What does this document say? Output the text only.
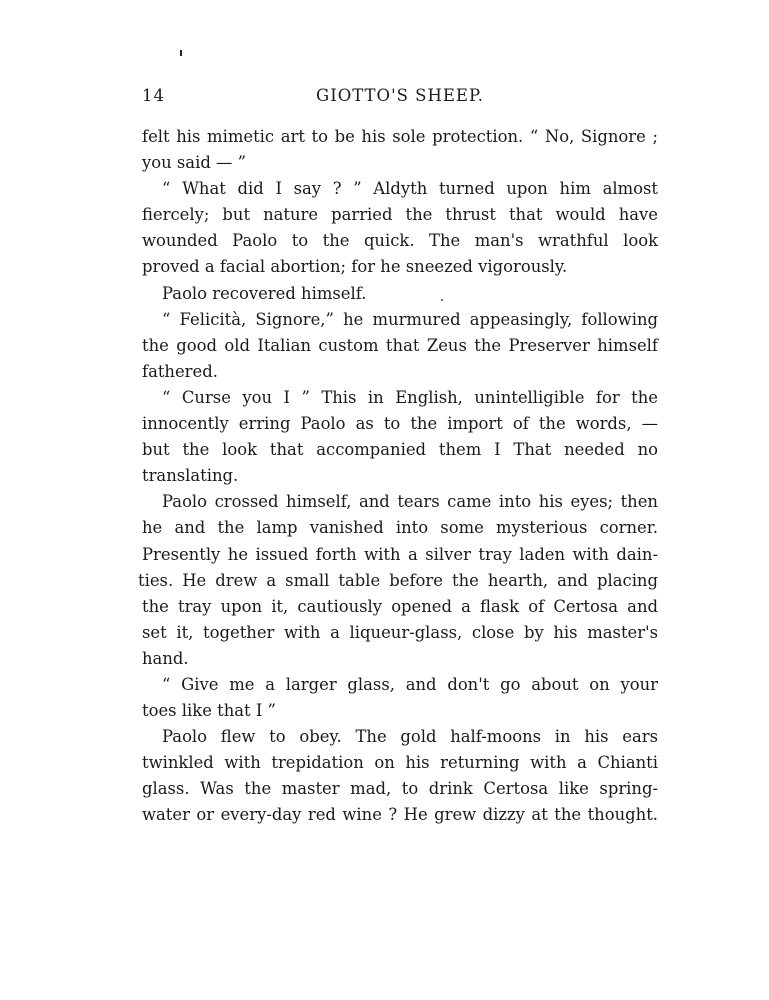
14	GIOTTO'S SHEEP.
felt his mimetic art to be his sole protection. “ No, Signore ;
you said — ”
“ What did I say ? ” Aldyth turned upon him almost
fiercely; but nature parried the thrust that would have
wounded Paolo to the quick. The man's wrathful look
proved a facial abortion; for he sneezed vigorously.
Paolo recovered himself.
“ Felicità, Signore,” he murmured appeasingly, following
the good old Italian custom that Zeus the Preserver himself
fathered.
“ Curse you I ” This in English, unintelligible for the
innocently erring Paolo as to the import of the words, —
but the look that accompanied them I That needed no
translating.
Paolo crossed himself, and tears came into his eyes; then
he and the lamp vanished into some mysterious corner.
Presently he issued forth with a silver tray laden with dain-
ties. He drew a small table before the hearth, and placing
the tray upon it, cautiously opened a flask of Certosa and
set it, together with a liqueur-glass, close by his master's
hand.
“ Give me a larger glass, and don't go about on your
toes like that I ”
Paolo flew to obey. The gold half-moons in his ears
twinkled with trepidation on his returning with a Chianti
glass. Was the master mad, to drink Certosa like spring-
water or every-day red wine ? He grew dizzy at the thought.
